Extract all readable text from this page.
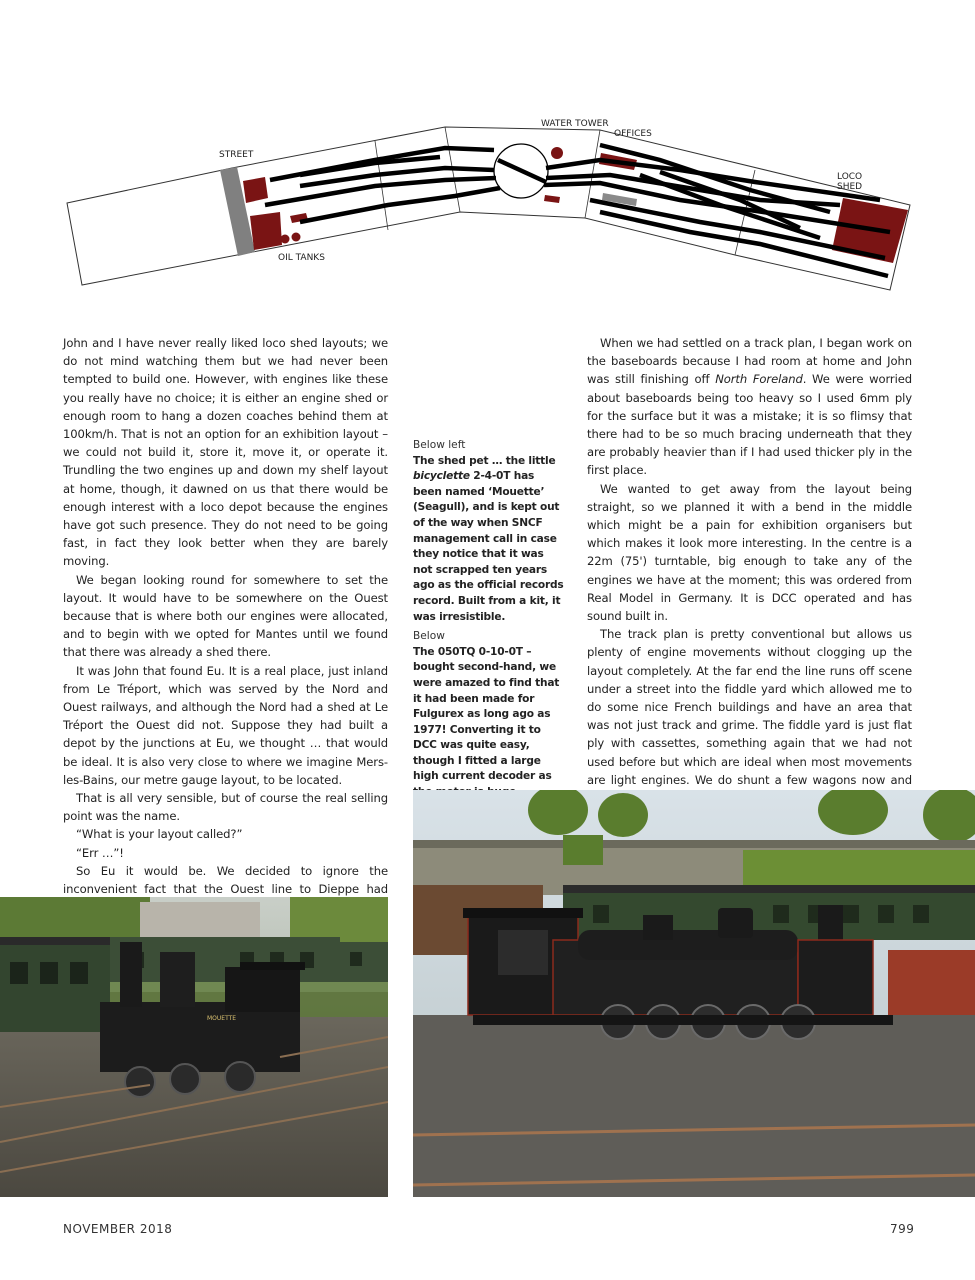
STREET
WATER TOWER
OFFICES
LOCO
SHED
OIL TANKS

John and I have never really liked loco shed layouts; we do not mind watching them but we had never been tempted to build one. However, with engines like these you really have no choice; it is either an engine shed or enough room to hang a dozen coaches behind them at 100km/h. That is not an option for an exhibition layout – we could not build it, store it, move it, or operate it. Trundling the two engines up and down my shelf layout at home, though, it dawned on us that there would be enough interest with a loco depot because the engines have got such presence. They do not need to be going fast, in fact they look better when they are barely moving.

We began looking round for somewhere to set the layout. It would have to be somewhere on the Ouest because that is where both our engines were allocated, and to begin with we opted for Mantes until we found that there was already a shed there.

It was John that found Eu. It is a real place, just inland from Le Tréport, which was served by the Nord and Ouest railways, and although the Nord had a shed at Le Tréport the Ouest did not. Suppose they had built a depot by the junctions at Eu, we thought … that would be ideal. It is also very close to where we imagine Mers-les-Bains, our metre gauge layout, to be located.

That is all very sensible, but of course the real selling point was the name.

“What is your layout called?”

“Err …”!

So Eu it would be. We decided to ignore the inconvenient fact that the Ouest line to Dieppe had

Below left
The shed pet … the little bicyclette 2-4-0T has been named ‘Mouette’ (Seagull), and is kept out of the way when SNCF management call in case they notice that it was not scrapped ten years ago as the official records record. Built from a kit, it was irresistible.
Below
The 050TQ 0-10-0T – bought second-hand, we were amazed to find that it had been made for Fulgurex as long ago as 1977! Converting it to DCC was quite easy, though I fitted a large high current decoder as

When we had settled on a track plan, I began work on the baseboards because I had room at home and John was still finishing off North Foreland. We were worried about baseboards being too heavy so I used 6mm ply for the surface but it was a mistake; it is so flimsy that there had to be so much bracing underneath that they are probably heavier than if I had used thicker ply in the first place.

We wanted to get away from the layout being straight, so we planned it with a bend in the middle which might be a pain for exhibition organisers but which makes it look more interesting. In the centre is a 22m (75') turntable, big enough to take any of the engines we have at the moment; this was ordered from Real Model in Germany. It is DCC operated and has sound built in.

The track plan is pretty conventional but allows us plenty of engine movements without clogging up the layout completely. At the far end the line runs off scene under a street into the fiddle yard which allowed me to do some nice French buildings and have an area that was not just track and grime. The fiddle yard is just flat ply with cassettes, something again that we had not used before but which are ideal when most movements are light engines. We do shunt a few wagons now and

MOUETTE
NOVEMBER 2018	799
